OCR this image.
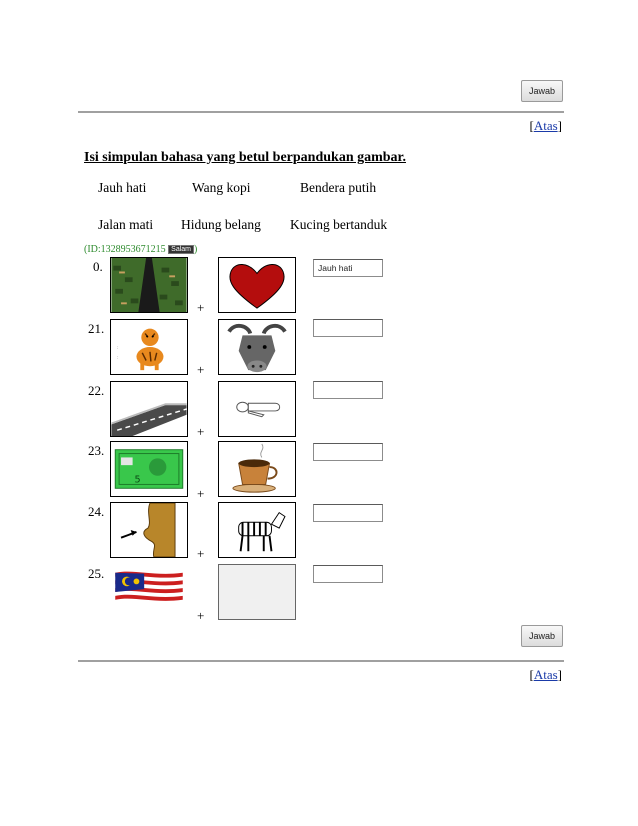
Jawab
[Atas]
Isi simpulan bahasa yang betul berpandukan gambar.
Jauh hati	Wang kopi	Bendera putih
Jalan mati Hidung belang Kucing bertanduk
(ID:1328953671215 Salam )
0.
+
Jauh hati
21.
:
:
+
22.
+
23.
5
+
24.
+
25.
+
Jawab
[Atas]
